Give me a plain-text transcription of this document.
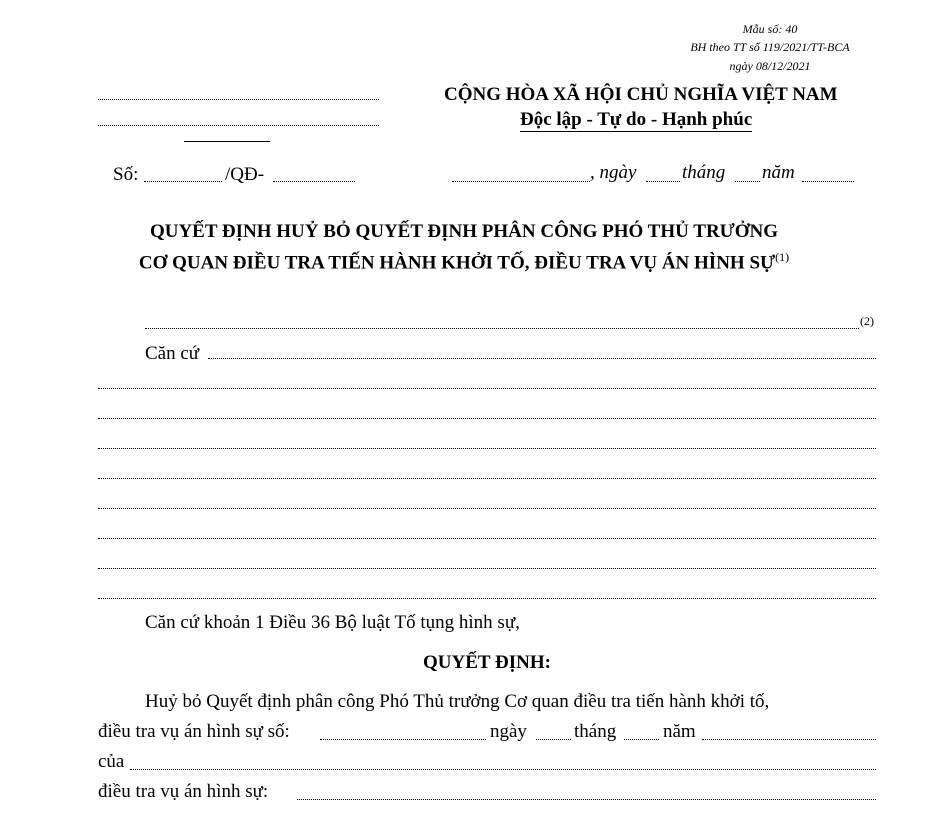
Mẫu số: 40
BH theo TT số 119/2021/TT-BCA
ngày 08/12/2021
CỘNG HÒA XÃ HỘI CHỦ NGHĨA VIỆT NAM
Độc lập - Tự do - Hạnh phúc
Số:	/QĐ-	, ngày tháng năm
QUYẾT ĐỊNH HUỶ BỎ QUYẾT ĐỊNH PHÂN CÔNG PHÓ THỦ TRƯỞNG
CƠ QUAN ĐIỀU TRA TIẾN HÀNH KHỞI TỐ, ĐIỀU TRA VỤ ÁN HÌNH SỰ$^{(1)}$
(2)
Căn cứ
Căn cứ khoản 1 Điều 36 Bộ luật Tố tụng hình sự,
QUYẾT ĐỊNH:
Huỷ bỏ Quyết định phân công Phó Thủ trưởng Cơ quan điều tra tiến hành khởi tố,
điều tra vụ án hình sự số:	ngày tháng năm
của
điều tra vụ án hình sự:
